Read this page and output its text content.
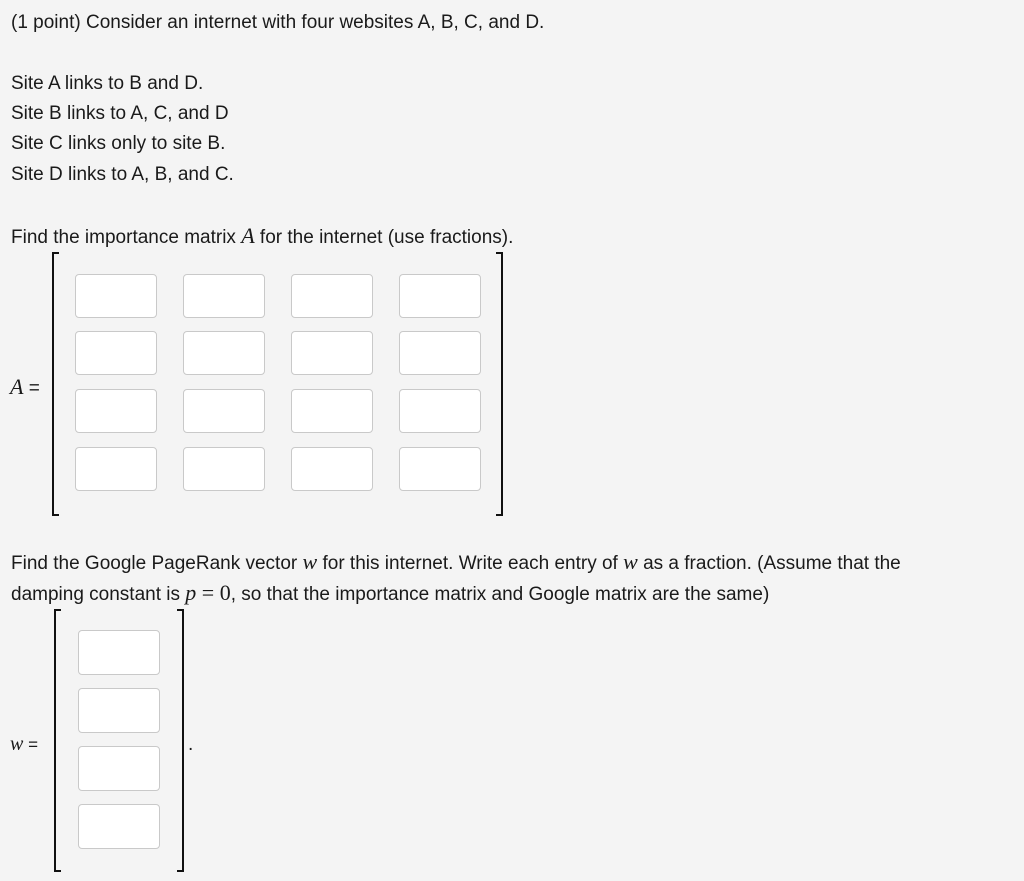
(1 point) Consider an internet with four websites A, B, C, and D.
Site A links to B and D.
Site B links to A, C, and D
Site C links only to site B.
Site D links to A, B, and C.
Find the importance matrix A for the internet (use fractions).
A =
Find the Google PageRank vector w for this internet. Write each entry of w as a fraction. (Assume that the
damping constant is p = 0, so that the importance matrix and Google matrix are the same)
w =	.
